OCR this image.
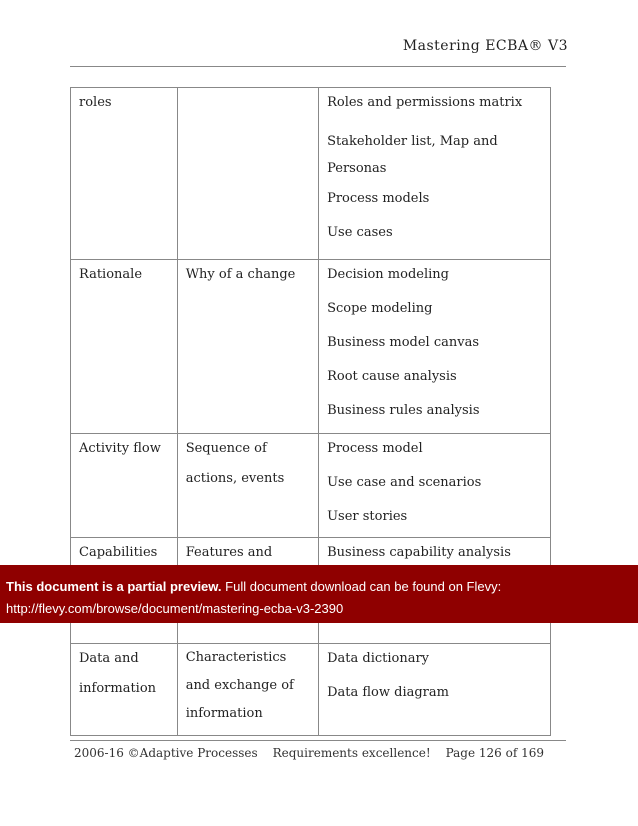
Mastering ECBA® V3
roles		Roles and permissions matrix
Stakeholder list, Map and Personas
Process models
Use cases

Rationale	Why of a change	Decision modeling
Scope modeling
Business model canvas
Root cause analysis
Business rules analysis

Activity flow	Sequence of actions, events	Process model
Use case and scenarios
User stories

Capabilities	Features and	Business capability analysis

Data and information	Characteristics and exchange of information	Data dictionary
Data flow diagram
This document is a partial preview. Full document download can be found on Flevy:
http://flevy.com/browse/document/mastering-ecba-v3-2390
2006-16 ©Adaptive Processes Requirements excellence! Page 126 of 169
